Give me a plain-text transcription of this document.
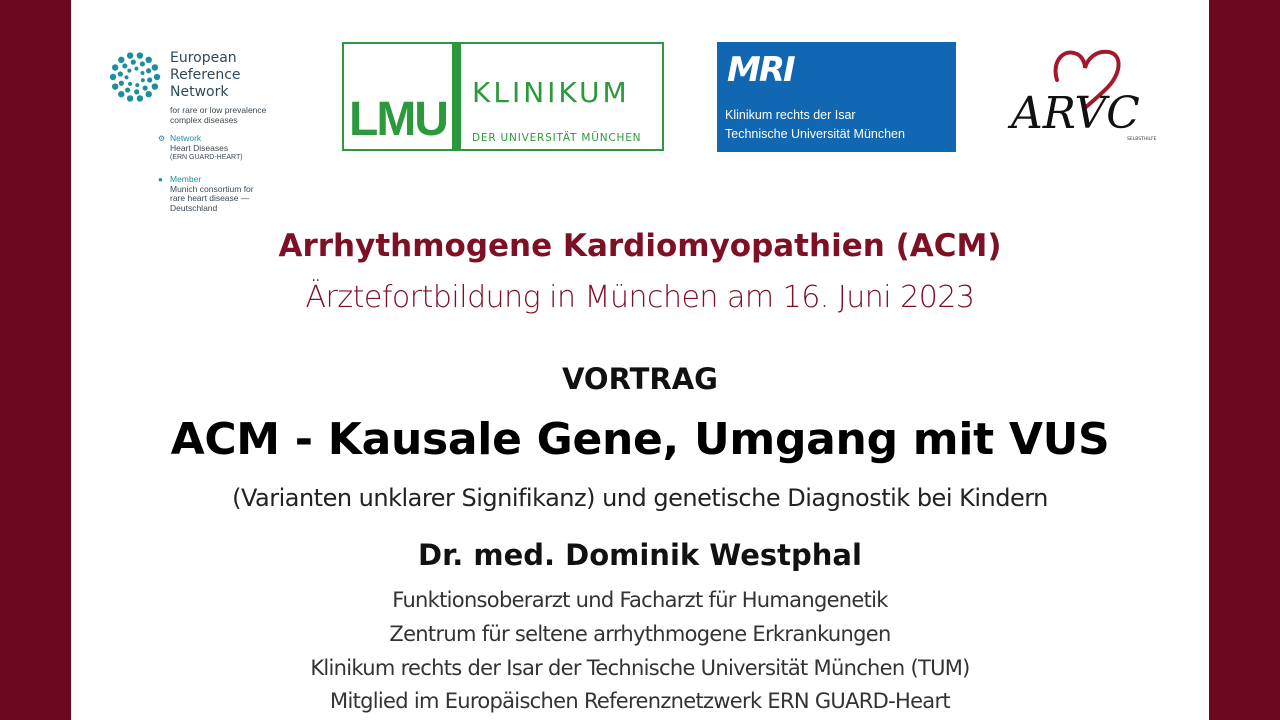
European
Reference
Network
for rare or low prevalence
complex diseases
⚙ Network
Heart Diseases
(ERN GUARD-HEART)
● Member
Munich consortium for
rare heart disease —
Deutschland
LMU
KLINIKUM
DER UNIVERSITÄT MÜNCHEN
MRI
Klinikum rechts der Isar
Technische Universität München ARVC
SELBSTHILFE
Arrhythmogene Kardiomyopathien (ACM)
Ärztefortbildung in München am 16. Juni 2023
VORTRAG
ACM - Kausale Gene, Umgang mit VUS
(Varianten unklarer Signifikanz) und genetische Diagnostik bei Kindern
Dr. med. Dominik Westphal
Funktionsoberarzt und Facharzt für Humangenetik
Zentrum für seltene arrhythmogene Erkrankungen
Klinikum rechts der Isar der Technische Universität München (TUM)
Mitglied im Europäischen Referenznetzwerk ERN GUARD-Heart
